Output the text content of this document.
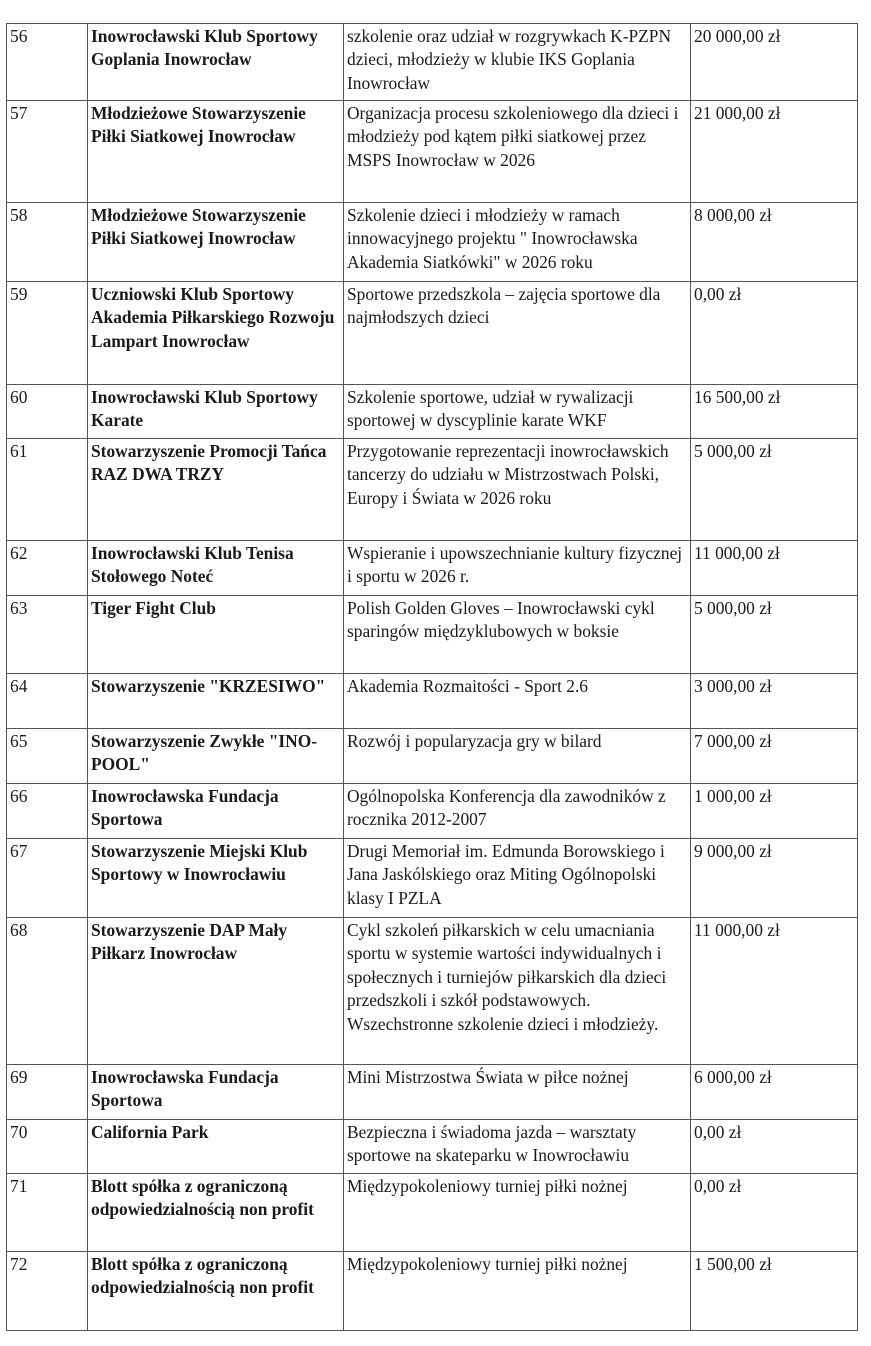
56	Inowrocławski Klub Sportowy Goplania Inowrocław	szkolenie oraz udział w rozgrywkach K-PZPN dzieci, młodzieży w klubie IKS Goplania Inowrocław	20 000,00 zł
57	Młodzieżowe Stowarzyszenie Piłki Siatkowej Inowrocław	Organizacja procesu szkoleniowego dla dzieci i młodzieży pod kątem piłki siatkowej przez MSPS Inowrocław w 2026	21 000,00 zł
58	Młodzieżowe Stowarzyszenie Piłki Siatkowej Inowrocław	Szkolenie dzieci i młodzieży w ramach innowacyjnego projektu " Inowrocławska Akademia Siatkówki" w 2026 roku	8 000,00 zł
59	Uczniowski Klub Sportowy Akademia Piłkarskiego Rozwoju Lampart Inowrocław	Sportowe przedszkola – zajęcia sportowe dla najmłodszych dzieci	0,00 zł
60	Inowrocławski Klub Sportowy Karate	Szkolenie sportowe, udział w rywalizacji sportowej w dyscyplinie karate WKF	16 500,00 zł
61	Stowarzyszenie Promocji Tańca RAZ DWA TRZY	Przygotowanie reprezentacji inowrocławskich tancerzy do udziału w Mistrzostwach Polski, Europy i Świata w 2026 roku	5 000,00 zł
62	Inowrocławski Klub Tenisa Stołowego Noteć	Wspieranie i upowszechnianie kultury fizycznej i sportu w 2026 r.	11 000,00 zł
63	Tiger Fight Club	Polish Golden Gloves – Inowrocławski cykl sparingów międzyklubowych w boksie	5 000,00 zł
64	Stowarzyszenie "KRZESIWO"	Akademia Rozmaitości - Sport 2.6	3 000,00 zł
65	Stowarzyszenie Zwykłe "INO-POOL"	Rozwój i popularyzacja gry w bilard	7 000,00 zł
66	Inowrocławska Fundacja Sportowa	Ogólnopolska Konferencja dla zawodników z rocznika 2012-2007	1 000,00 zł
67	Stowarzyszenie Miejski Klub Sportowy w Inowrocławiu	Drugi Memoriał im. Edmunda Borowskiego i Jana Jaskólskiego oraz Miting Ogólnopolski klasy I PZLA	9 000,00 zł
68	Stowarzyszenie DAP Mały Piłkarz Inowrocław	Cykl szkoleń piłkarskich w celu umacniania sportu w systemie wartości indywidualnych i społecznych i turniejów piłkarskich dla dzieci przedszkoli i szkół podstawowych. Wszechstronne szkolenie dzieci i młodzieży.	11 000,00 zł
69	Inowrocławska Fundacja Sportowa	Mini Mistrzostwa Świata w piłce nożnej	6 000,00 zł
70	California Park	Bezpieczna i świadoma jazda – warsztaty sportowe na skateparku w Inowrocławiu	0,00 zł
71	Blott spółka z ograniczoną odpowiedzialnością non profit	Międzypokoleniowy turniej piłki nożnej	0,00 zł
72	Blott spółka z ograniczoną odpowiedzialnością non profit	Międzypokoleniowy turniej piłki nożnej	1 500,00 zł
